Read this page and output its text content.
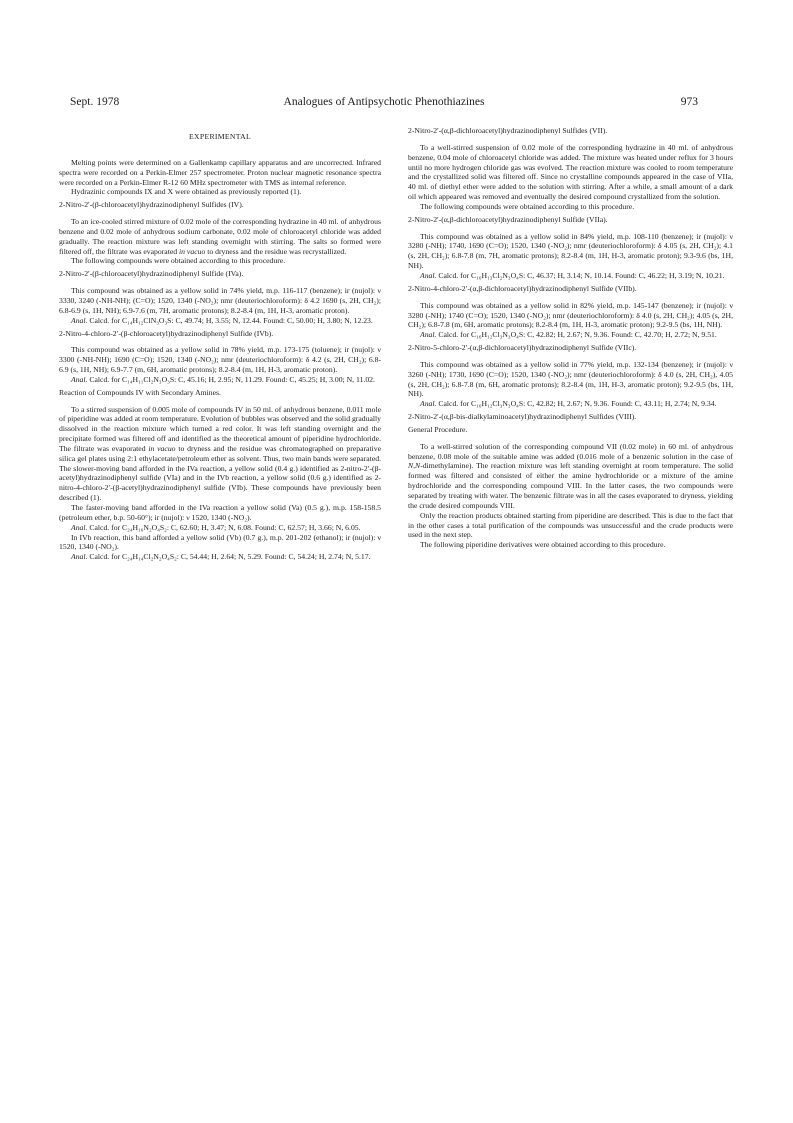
Sept. 1978	Analogues of Antipsychotic Phenothiazines	973
EXPERIMENTAL

Melting points were determined on a Gallenkamp capillary apparatus and are uncorrected. Infrared spectra were recorded on a Perkin-Elmer 257 spectrometer. Proton nuclear magnetic resonance spectra were recorded on a Perkin-Elmer R-12 60 MHz spectrometer with TMS as internal reference.

Hydrazinic compounds IX and X were obtained as previously reported (1).

2-Nitro-2′-(β-chloroacetyl)hydrazinodiphenyl Sulfides (IV).

To an ice-cooled stirred mixture of 0.02 mole of the corresponding hydrazine in 40 ml. of anhydrous benzene and 0.02 mole of anhydrous sodium carbonate, 0.02 mole of chloroacetyl chloride was added gradually. The reaction mixture was left standing overnight with stirring. The salts so formed were filtered off, the filtrate was evaporated in vacuo to dryness and the residue was recrystallized.

The following compounds were obtained according to this procedure.

2-Nitro-2′-(β-chloroacetyl)hydrazinodiphenyl Sulfide (IVa).

This compound was obtained as a yellow solid in 74% yield, m.p. 116-117 (benzene); ir (nujol): ν 3330, 3240 (-NH-NH); (C=O); 1520, 1340 (-NO₂); nmr (deuteriochloroform): δ 4.2 1690 (s, 2H, CH₂); 6.8-6.9 (s, 1H, NH); 6.9-7.6 (m, 7H, aromatic protons); 8.2-8.4 (m, 1H, H-3, aromatic proton).

Anal. Calcd. for C₁₄H₁₂ClN₃O₃S: C, 49.74; H, 3.55; N, 12.44. Found: C, 50.00; H, 3.80; N, 12.23.

2-Nitro-4-chloro-2′-(β-chloroacetyl)hydrazinodiphenyl Sulfide (IVb).

This compound was obtained as a yellow solid in 78% yield, m.p. 173-175 (toluene); ir (nujol): ν 3300 (-NH-NH); 1690 (C=O); 1520, 1340 (-NO₂); nmr (deuteriochloroform): δ 4.2 (s, 2H, CH₂); 6.8-6.9 (s, 1H, NH); 6.9-7.7 (m, 6H, aromatic protons); 8.2-8.4 (m, 1H, H-3, aromatic proton).

Anal. Calcd. for C₁₄H₁₁Cl₂N₃O₃S: C, 45.16; H, 2.95; N, 11.29. Found: C, 45.25; H, 3.00; N, 11.02.

Reaction of Compounds IV with Secondary Amines.

To a stirred suspension of 0.005 mole of compounds IV in 50 ml. of anhydrous benzene, 0.011 mole of piperidine was added at room temperature. Evolution of bubbles was observed and the solid gradually dissolved in the reaction mixture which turned a red color. It was left standing overnight and the precipitate formed was filtered off and identified as the theoretical amount of piperidine hydrochloride. The filtrate was evaporated in vacuo to dryness and the residue was chromatographed on preparative silica gel plates using 2:1 ethylacetate/petroleum ether as solvent. Thus, two main bands were separated. The slower-moving band afforded in the IVa reaction, a yellow solid (0.4 g.) identified as 2-nitro-2′-(β-acetyl)hydrazinodiphenyl sulfide (VIa) and in the IVb reaction, a yellow solid (0.6 g.) identified as 2-nitro-4-chloro-2′-(β-acetyl)hydrazinodiphenyl sulfide (VIb). These compounds have previously been described (1).

The faster-moving band afforded in the IVa reaction a yellow solid (Va) (0.5 g.), m.p. 158-158.5 (petroleum ether, b.p. 50-60°); ir (nujol): ν 1520, 1340 (-NO₂).

Anal. Calcd. for C₂₄H₁₆N₂O₄S₂: C, 62.60; H, 3.47; N, 6.08. Found: C, 62.57; H, 3.66; N, 6.05.

In IVb reaction, this band afforded a yellow solid (Vb) (0.7 g.), m.p. 201-202 (ethanol); ir (nujol): ν 1520, 1340 (-NO₂).

Anal. Calcd. for C₂₄H₁₄Cl₂N₂O₄S₂: C, 54.44; H, 2.64; N, 5.29. Found: C, 54.24; H, 2.74; N, 5.17.

2-Nitro-2′-(α,β-dichloroacetyl)hydrazinodiphenyl Sulfides (VII).

To a well-stirred suspension of 0.02 mole of the corresponding hydrazine in 40 ml. of anhydrous benzene, 0.04 mole of chloroacetyl chloride was added. The mixture was heated under reflux for 3 hours until no more hydrogen chloride gas was evolved. The reaction mixture was cooled to room temperature and the crystallized solid was filtered off. Since no crystalline compounds appeared in the case of VIIa, 40 ml. of diethyl ether were added to the solution with stirring. After a while, a small amount of a dark oil which appeared was removed and eventually the desired compound crystallized from the solution.

The following compounds were obtained according to this procedure.

2-Nitro-2′-(α,β-dichloroacetyl)hydrazinodiphenyl Sulfide (VIIa).

This compound was obtained as a yellow solid in 84% yield, m.p. 108-110 (benzene); ir (nujol): ν 3280 (-NH); 1740, 1690 (C=O); 1520, 1340 (-NO₂); nmr (deuteriochloroform): δ 4.05 (s, 2H, CH₂); 4.1 (s, 2H, CH₂); 6.8-7.8 (m, 7H, aromatic protons); 8.2-8.4 (m, 1H, H-3, aromatic proton); 9.3-9.6 (bs, 1H, NH).

Anal. Calcd. for C₁₆H₁₃Cl₂N₃O₄S: C, 46.37; H, 3.14; N, 10.14. Found: C, 46.22; H, 3.19; N, 10.21.

2-Nitro-4-chloro-2′-(α,β-dichloroacetyl)hydrazinodiphenyl Sulfide (VIIb).

This compound was obtained as a yellow solid in 82% yield, m.p. 145-147 (benzene); ir (nujol): ν 3280 (-NH); 1740 (C=O); 1520, 1340 (-NO₂); nmr (deuteriochloroform): δ 4.0 (s, 2H, CH₂); 4.05 (s, 2H, CH₂); 6.8-7.8 (m, 6H, aromatic protons); 8.2-8.4 (m, 1H, H-3, aromatic proton); 9.2-9.5 (bs, 1H, NH).

Anal. Calcd. for C₁₆H₁₂Cl₃N₃O₄S: C, 42.82; H, 2.67; N, 9.36. Found: C, 42.70; H, 2.72; N, 9.51.

2-Nitro-5-chloro-2′-(α,β-dichloroacetyl)hydrazinodiphenyl Sulfide (VIIc).

This compound was obtained as a yellow solid in 77% yield, m.p. 132-134 (benzene); ir (nujol): ν 3260 (-NH); 1730, 1690 (C=O); 1520, 1340 (-NO₂); nmr (deuteriochloroform): δ 4.0 (s, 2H, CH₂), 4.05 (s, 2H, CH₂); 6.8-7.8 (m, 6H, aromatic protons); 8.2-8.4 (m, 1H, H-3, aromatic proton); 9.2-9.5 (bs, 1H, NH).

Anal. Calcd. for C₁₆H₁₂Cl₃N₃O₄S: C, 42.82; H, 2.67; N, 9.36. Found: C, 43.11; H, 2.74; N, 9.34.

2-Nitro-2′-(α,β-bis-dialkylaminoacetyl)hydrazinodiphenyl Sulfides (VIII).

General Procedure.

To a well-stirred solution of the corresponding compound VII (0.02 mole) in 60 ml. of anhydrous benzene, 0.08 mole of the suitable amine was added (0.016 mole of a benzenic solution in the case of N,N-dimethylamine). The reaction mixture was left standing overnight at room temperature. The solid formed was filtered and consisted of either the amine hydrochloride or a mixture of the amine hydrochloride and the corresponding compound VIII. In the latter cases, the two compounds were separated by treating with water. The benzenic filtrate was in all the cases evaporated to dryness, yielding the crude desired compounds VIII.

Only the reaction products obtained starting from piperidine are described. This is due to the fact that in the other cases a total purification of the compounds was unsuccessful and the crude products were used in the next step.

The following piperidine derivatives were obtained according to this procedure.
